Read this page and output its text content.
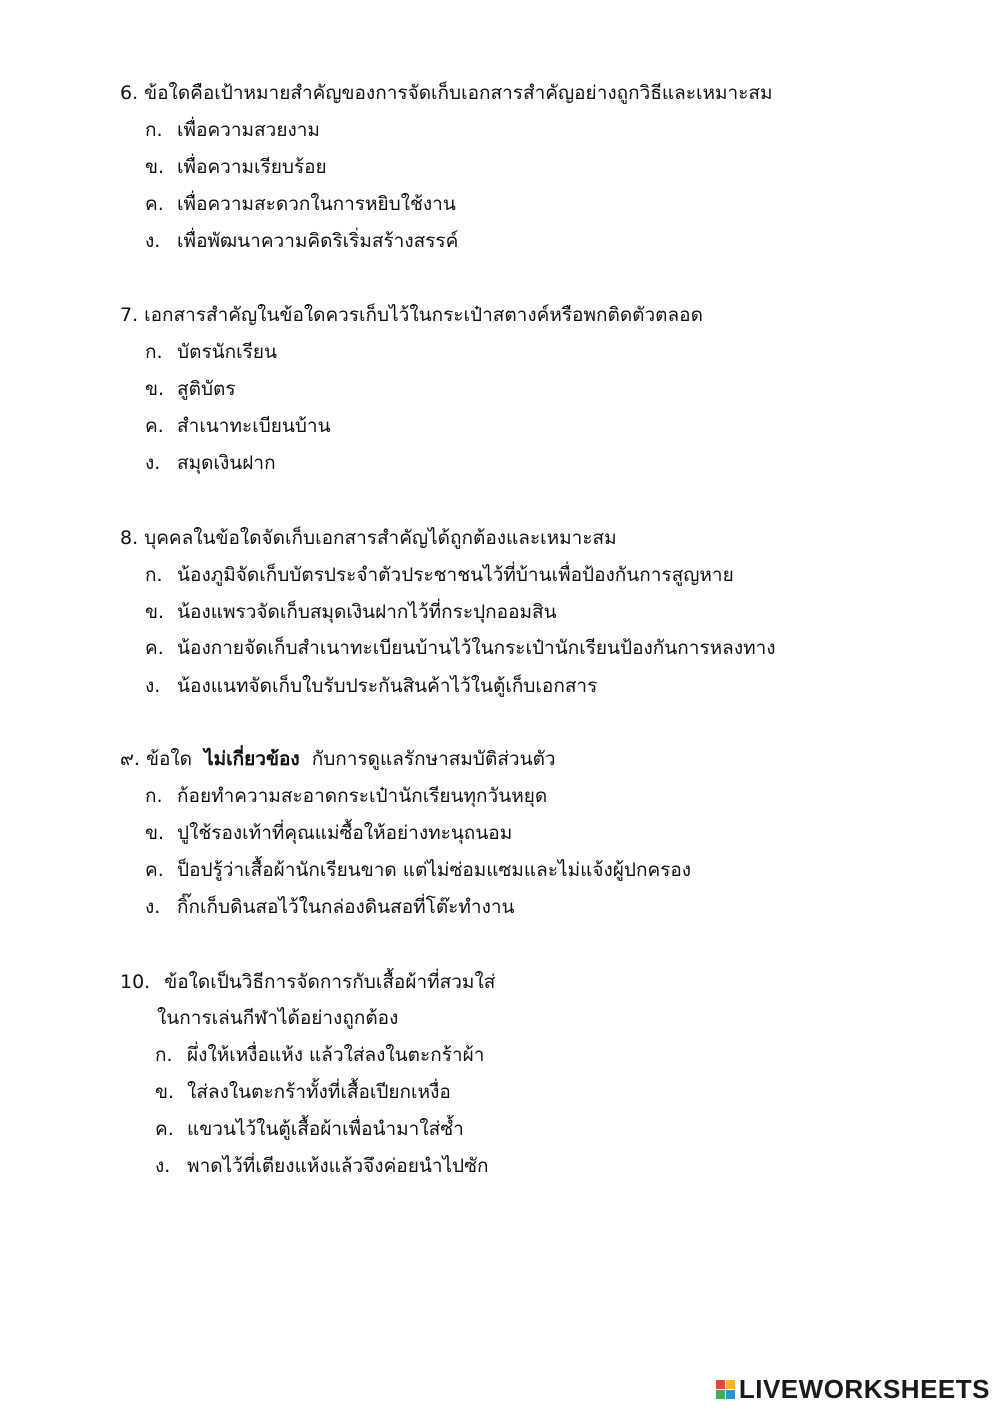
6. ข้อใดคือเป้าหมายสำคัญของการจัดเก็บเอกสารสำคัญอย่างถูกวิธีและเหมาะสม
ก. เพื่อความสวยงาม
ข. เพื่อความเรียบร้อย
ค. เพื่อความสะดวกในการหยิบใช้งาน
ง. เพื่อพัฒนาความคิดริเริ่มสร้างสรรค์
7. เอกสารสำคัญในข้อใดควรเก็บไว้ในกระเป๋าสตางค์หรือพกติดตัวตลอด
ก. บัตรนักเรียน
ข. สูติบัตร
ค. สำเนาทะเบียนบ้าน
ง. สมุดเงินฝาก
8. บุคคลในข้อใดจัดเก็บเอกสารสำคัญได้ถูกต้องและเหมาะสม
ก. น้องภูมิจัดเก็บบัตรประจำตัวประชาชนไว้ที่บ้านเพื่อป้องกันการสูญหาย
ข. น้องแพรวจัดเก็บสมุดเงินฝากไว้ที่กระปุกออมสิน
ค. น้องกายจัดเก็บสำเนาทะเบียนบ้านไว้ในกระเป๋านักเรียนป้องกันการหลงทาง
ง. น้องแนทจัดเก็บใบรับประกันสินค้าไว้ในตู้เก็บเอกสาร
๙. ข้อใด ไม่เกี่ยวข้อง กับการดูแลรักษาสมบัติส่วนตัว
ก. ก้อยทำความสะอาดกระเป๋านักเรียนทุกวันหยุด
ข. ปูใช้รองเท้าที่คุณแม่ซื้อให้อย่างทะนุถนอม
ค. ป็อปรู้ว่าเสื้อผ้านักเรียนขาด แต่ไม่ซ่อมแซมและไม่แจ้งผู้ปกครอง
ง. กิ๊กเก็บดินสอไว้ในกล่องดินสอที่โต๊ะทำงาน
10. ข้อใดเป็นวิธีการจัดการกับเสื้อผ้าที่สวมใส่
ในการเล่นกีฬาได้อย่างถูกต้อง
ก. ผึ่งให้เหงื่อแห้ง แล้วใส่ลงในตะกร้าผ้า
ข. ใส่ลงในตะกร้าทั้งที่เสื้อเปียกเหงื่อ
ค. แขวนไว้ในตู้เสื้อผ้าเพื่อนำมาใส่ซ้ำ
ง. พาดไว้ที่เตียงแห้งแล้วจึงค่อยนำไปซัก
LIVEWORKSHEETS
